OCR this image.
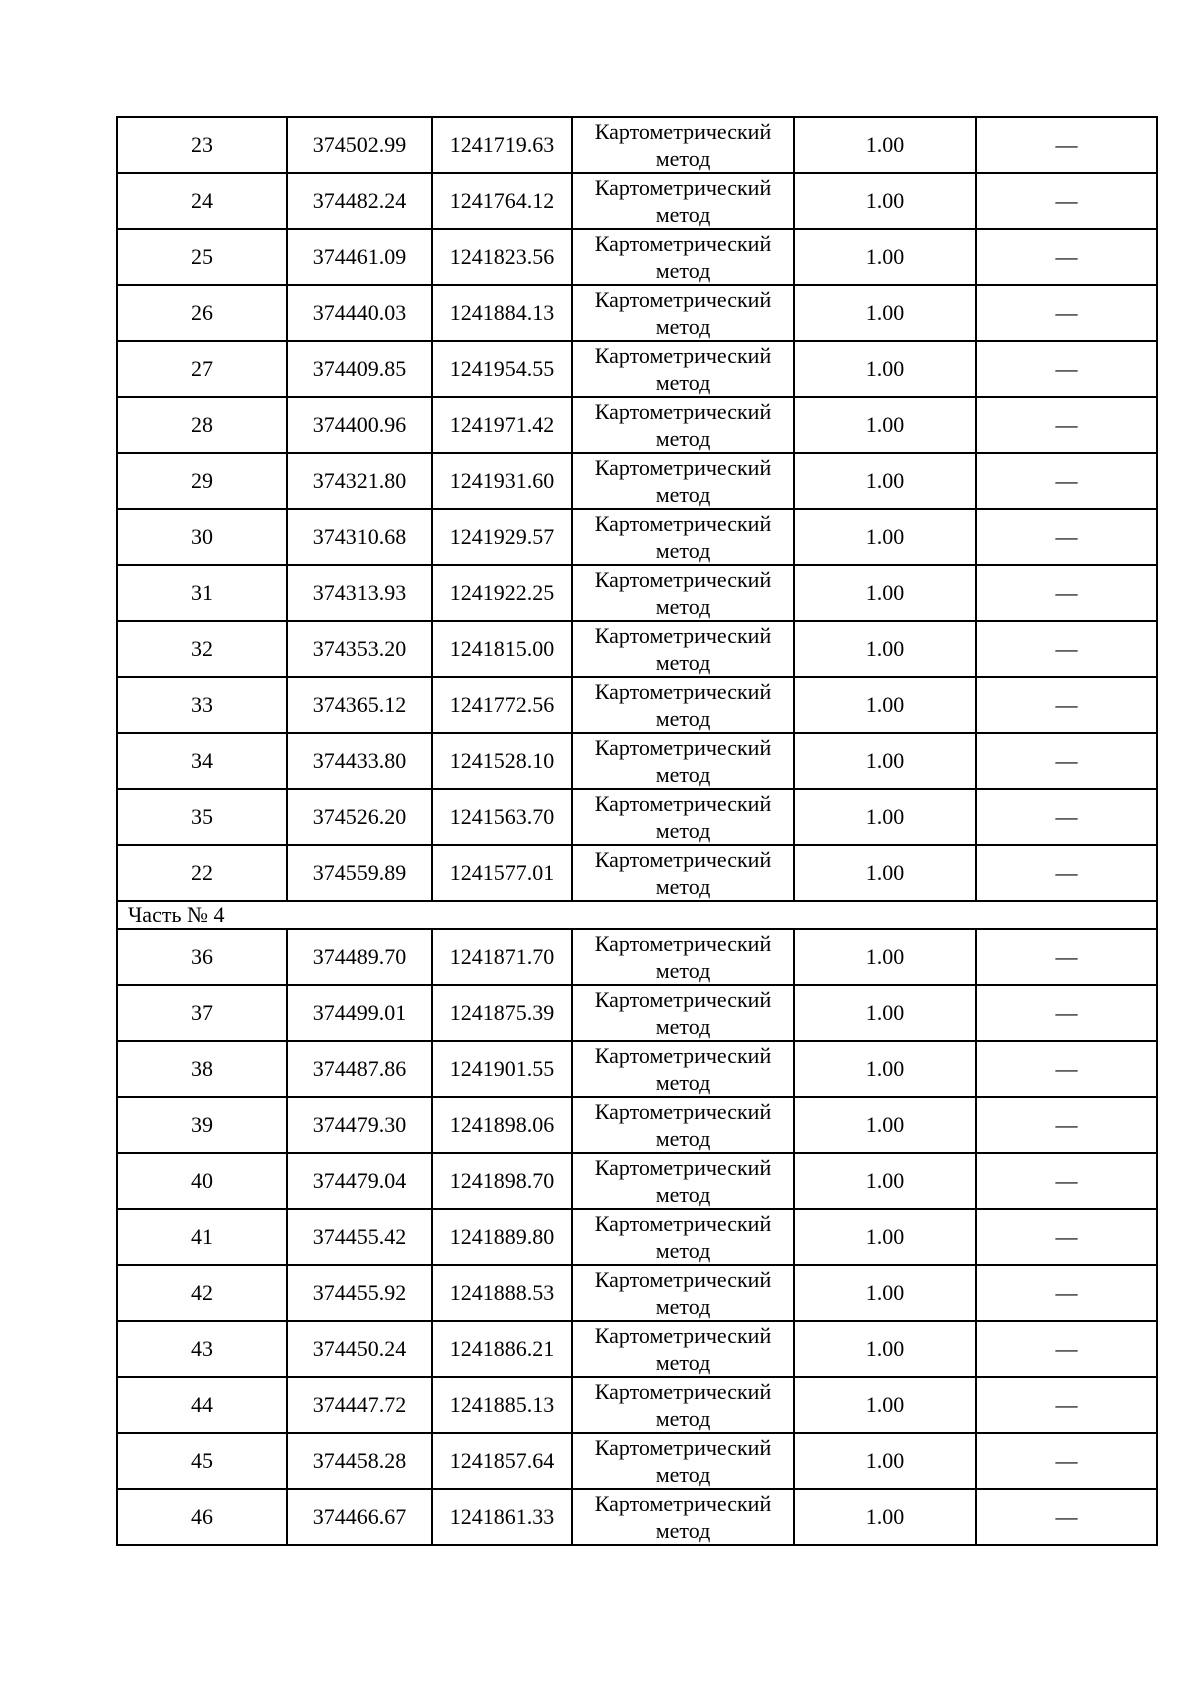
23	374502.99	1241719.63	Картометрический метод	1.00	—
24	374482.24	1241764.12	Картометрический метод	1.00	—
25	374461.09	1241823.56	Картометрический метод	1.00	—
26	374440.03	1241884.13	Картометрический метод	1.00	—
27	374409.85	1241954.55	Картометрический метод	1.00	—
28	374400.96	1241971.42	Картометрический метод	1.00	—
29	374321.80	1241931.60	Картометрический метод	1.00	—
30	374310.68	1241929.57	Картометрический метод	1.00	—
31	374313.93	1241922.25	Картометрический метод	1.00	—
32	374353.20	1241815.00	Картометрический метод	1.00	—
33	374365.12	1241772.56	Картометрический метод	1.00	—
34	374433.80	1241528.10	Картометрический метод	1.00	—
35	374526.20	1241563.70	Картометрический метод	1.00	—
22	374559.89	1241577.01	Картометрический метод	1.00	—
Часть № 4					
36	374489.70	1241871.70	Картометрический метод	1.00	—
37	374499.01	1241875.39	Картометрический метод	1.00	—
38	374487.86	1241901.55	Картометрический метод	1.00	—
39	374479.30	1241898.06	Картометрический метод	1.00	—
40	374479.04	1241898.70	Картометрический метод	1.00	—
41	374455.42	1241889.80	Картометрический метод	1.00	—
42	374455.92	1241888.53	Картометрический метод	1.00	—
43	374450.24	1241886.21	Картометрический метод	1.00	—
44	374447.72	1241885.13	Картометрический метод	1.00	—
45	374458.28	1241857.64	Картометрический метод	1.00	—
46	374466.67	1241861.33	Картометрический метод	1.00	—
